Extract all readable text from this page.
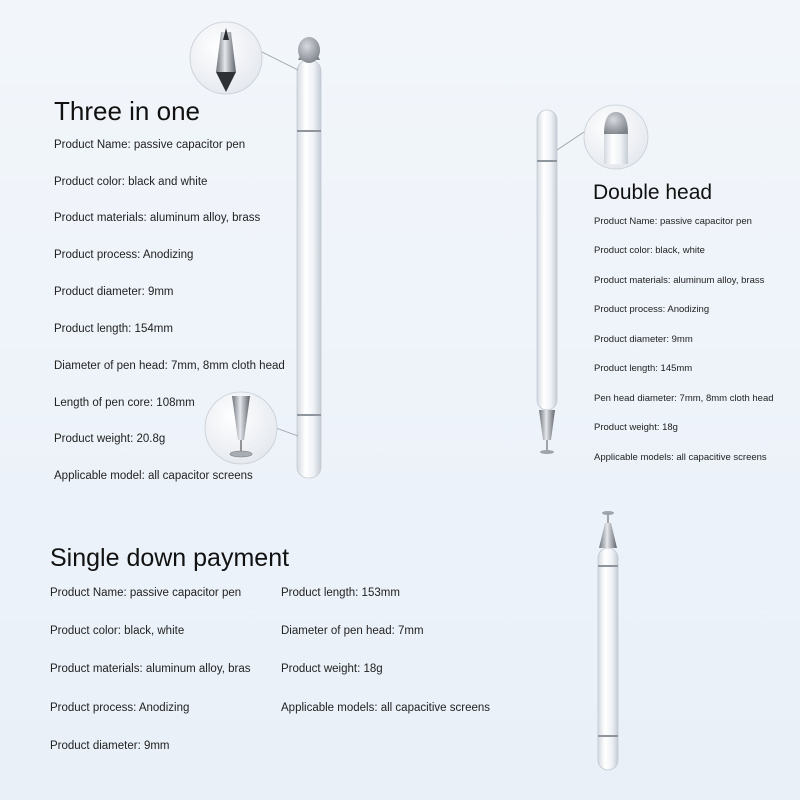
Three in one

Product Name: passive capacitor pen

Product color: black and white

Product materials: aluminum alloy, brass

Product process: Anodizing

Product diameter: 9mm

Product length: 154mm

Diameter of pen head: 7mm, 8mm cloth head

Length of pen core: 108mm

Product weight: 20.8g

Applicable model: all capacitor screens

Double head

Product Name: passive capacitor pen

Product color: black, white

Product materials: aluminum alloy, brass

Product process: Anodizing

Product diameter: 9mm

Product length: 145mm

Pen head diameter: 7mm, 8mm cloth head

Product weight: 18g

Applicable models: all capacitive screens

Single down payment

Product Name: passive capacitor pen

Product color: black, white

Product materials: aluminum alloy, bras

Product process: Anodizing

Product diameter: 9mm

Product length: 153mm

Diameter of pen head: 7mm

Product weight: 18g

Applicable models: all capacitive screens
